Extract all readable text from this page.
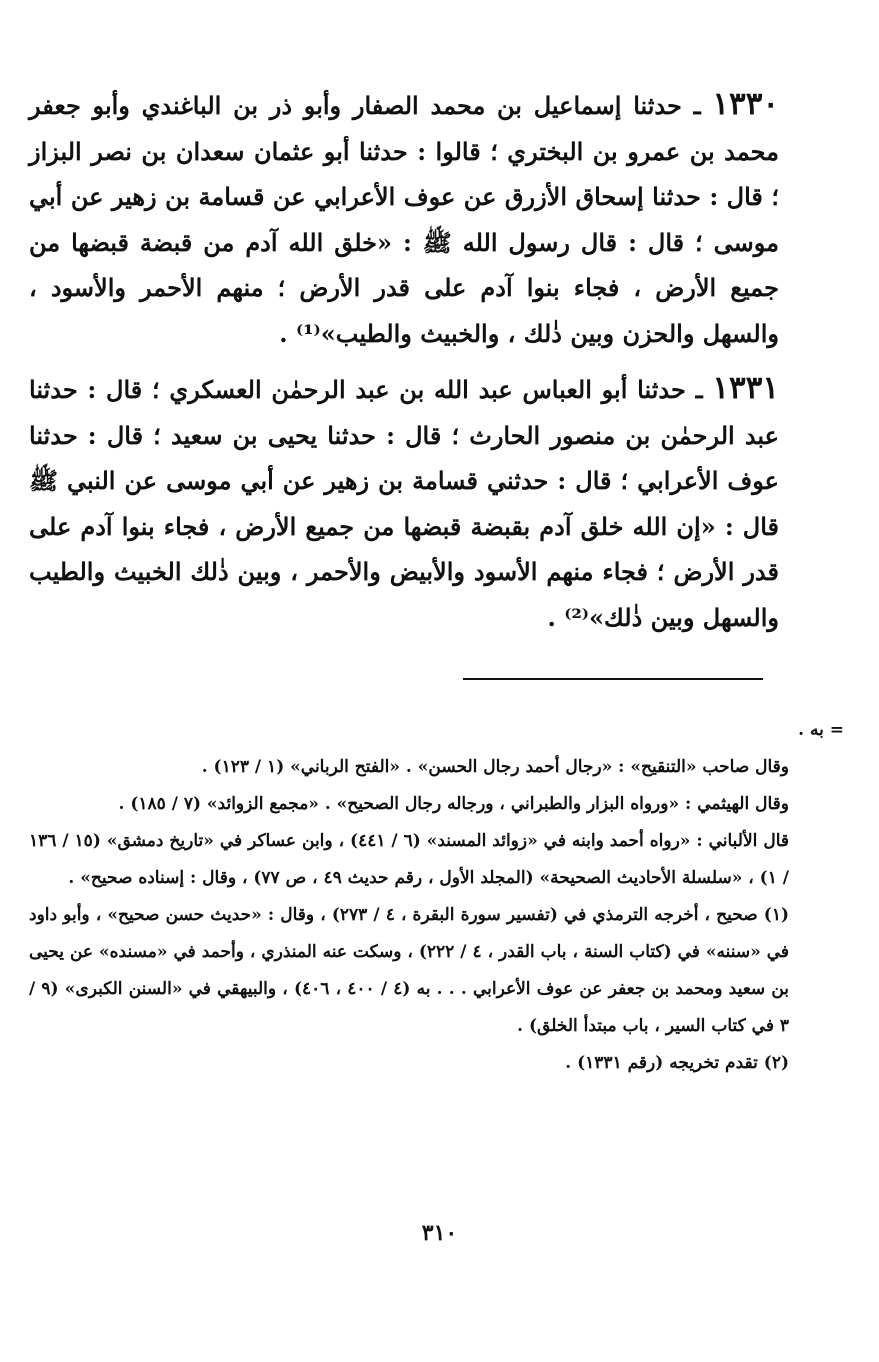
١٣٣٠ ـ حدثنا إسماعيل بن محمد الصفار وأبو ذر بن الباغندي وأبو جعفر محمد بن عمرو بن البختري ؛ قالوا : حدثنا أبو عثمان سعدان بن نصر البزاز ؛ قال : حدثنا إسحاق الأزرق عن عوف الأعرابي عن قسامة بن زهير عن أبي موسى ؛ قال : قال رسول الله ﷺ : «خلق الله آدم من قبضة قبضها من جميع الأرض ، فجاء بنوا آدم على قدر الأرض ؛ منهم الأحمر والأسود ، والسهل والحزن وبين ذٰلك ، والخبيث والطيب»⁽¹⁾ .

١٣٣١ ـ حدثنا أبو العباس عبد الله بن عبد الرحمٰن العسكري ؛ قال : حدثنا عبد الرحمٰن بن منصور الحارث ؛ قال : حدثنا يحيى بن سعيد ؛ قال : حدثنا عوف الأعرابي ؛ قال : حدثني قسامة بن زهير عن أبي موسى عن النبي ﷺ قال : «إن الله خلق آدم بقبضة قبضها من جميع الأرض ، فجاء بنوا آدم على قدر الأرض ؛ فجاء منهم الأسود والأبيض والأحمر ، وبين ذٰلك الخبيث والطيب والسهل وبين ذٰلك»⁽²⁾ .

= به .

وقال صاحب «التنقيح» : «رجال أحمد رجال الحسن» . «الفتح الرباني» (١ / ١٢٣) .

وقال الهيثمي : «ورواه البزار والطبراني ، ورجاله رجال الصحيح» . «مجمع الزوائد» (٧ / ١٨٥) .

قال الألباني : «رواه أحمد وابنه في «زوائد المسند» (٦ / ٤٤١) ، وابن عساكر في «تاريخ دمشق» (١٥ / ١٣٦ / ١) ، «سلسلة الأحاديث الصحيحة» (المجلد الأول ، رقم حديث ٤٩ ، ص ٧٧) ، وقال : إسناده صحيح» .

(١) صحيح ، أخرجه الترمذي في (تفسير سورة البقرة ، ٤ / ٢٧٣) ، وقال : «حديث حسن صحيح» ، وأبو داود في «سننه» في (كتاب السنة ، باب القدر ، ٤ / ٢٢٢) ، وسكت عنه المنذري ، وأحمد في «مسنده» عن يحيى بن سعيد ومحمد بن جعفر عن عوف الأعرابي . . . به (٤ / ٤٠٠ ، ٤٠٦) ، والبيهقي في «السنن الكبرى» (٩ / ٣ في كتاب السير ، باب مبتدأ الخلق) .

(٢) تقدم تخريجه (رقم ١٣٣١) .

٣١٠
